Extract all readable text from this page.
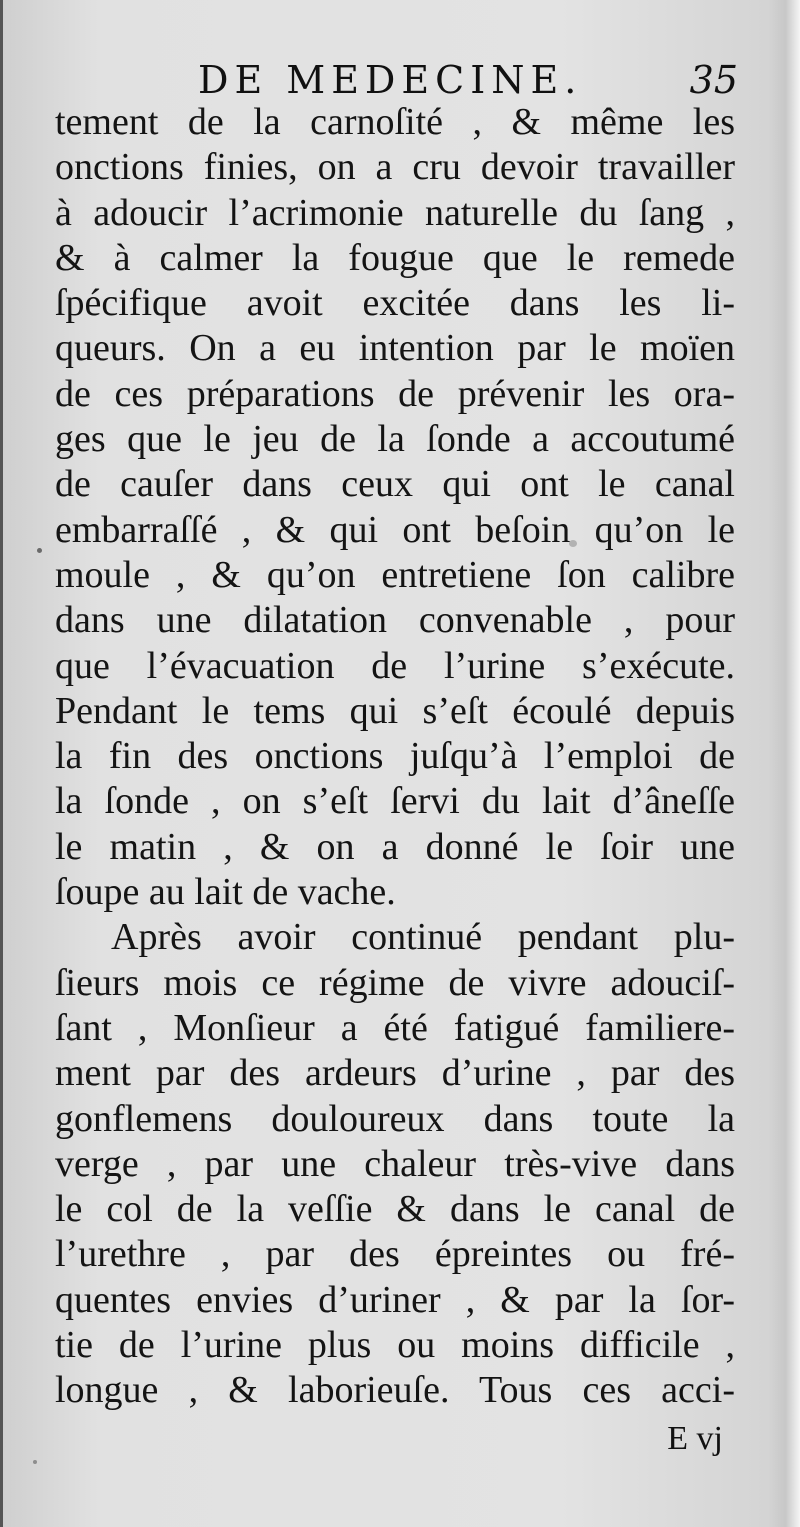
DE MEDECINE.	35
tement de la carnoſité , & même les
onctions finies, on a cru devoir travailler
à adoucir l’acrimonie naturelle du ſang ,
& à calmer la fougue que le remede
ſpécifique avoit excitée dans les li-
queurs. On a eu intention par le moïen
de ces préparations de prévenir les ora-
ges que le jeu de la ſonde a accoutumé
de cauſer dans ceux qui ont le canal
embarraſſé , & qui ont beſoin qu’on le
moule , & qu’on entretiene ſon calibre
dans une dilatation convenable , pour
que l’évacuation de l’urine s’exécute.
Pendant le tems qui s’eſt écoulé depuis
la fin des onctions juſqu’à l’emploi de
la ſonde , on s’eſt ſervi du lait d’âneſſe
le matin , & on a donné le ſoir une
ſoupe au lait de vache.
Après avoir continué pendant plu-
ſieurs mois ce régime de vivre adouciſ-
ſant , Monſieur a été fatigué familiere-
ment par des ardeurs d’urine , par des
gonflemens douloureux dans toute la
verge , par une chaleur très-vive dans
le col de la veſſie & dans le canal de
l’urethre , par des épreintes ou fré-
quentes envies d’uriner , & par la ſor-
tie de l’urine plus ou moins difficile ,
longue , & laborieuſe. Tous ces acci-
E vj
